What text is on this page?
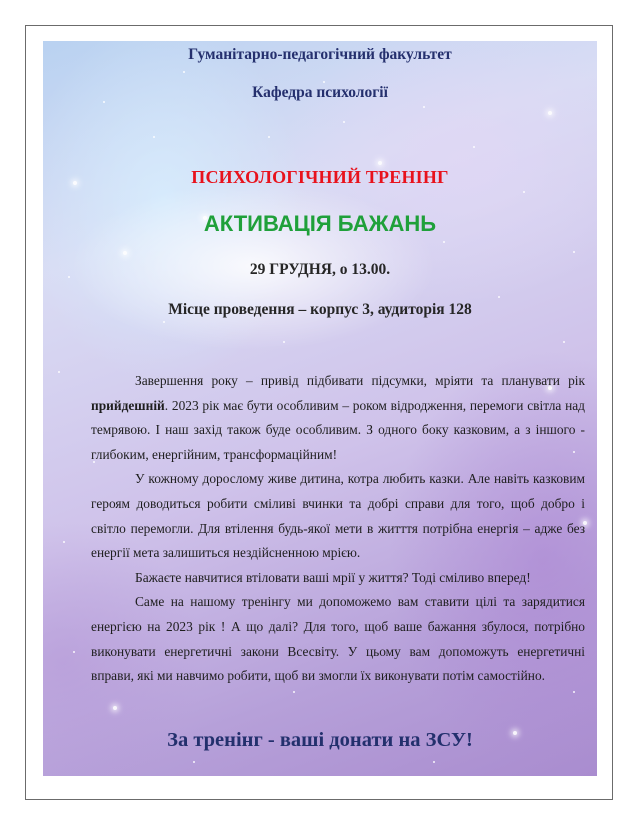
Гуманітарно-педагогічний факультет

Кафедра психології

ПСИХОЛОГІЧНИЙ ТРЕНІНГ

АКТИВАЦІЯ БАЖАНЬ

29 ГРУДНЯ, о 13.00.

Місце проведення – корпус 3, аудиторія 128

Завершення року – привід підбивати підсумки, мріяти та планувати рік прийдешній. 2023 рік має бути особливим – роком відродження, перемоги світла над темрявою. І наш захід також буде особливим. З одного боку казковим, а з іншого - глибоким, енергійним, трансформаційним!

У кожному дорослому живе дитина, котра любить казки. Але навіть казковим героям доводиться робити сміливі вчинки та добрі справи для того, щоб добро і світло перемогли. Для втілення будь-якої мети в житття потрібна енергія – адже без енергії мета залишиться нездійсненною мрією.

Бажаєте навчитися втіловати ваші мрії у життя? Тоді сміливо вперед!

Саме на нашому тренінгу ми допоможемо вам ставити цілі та зарядитися енергією на 2023 рік ! А що далі? Для того, щоб ваше бажання збулося, потрібно виконувати енергетичні закони Всесвіту. У цьому вам допоможуть енергетичні вправи, які ми навчимо робити, щоб ви змогли їх виконувати потім самостійно.

За тренінг - ваші донати на ЗСУ!
